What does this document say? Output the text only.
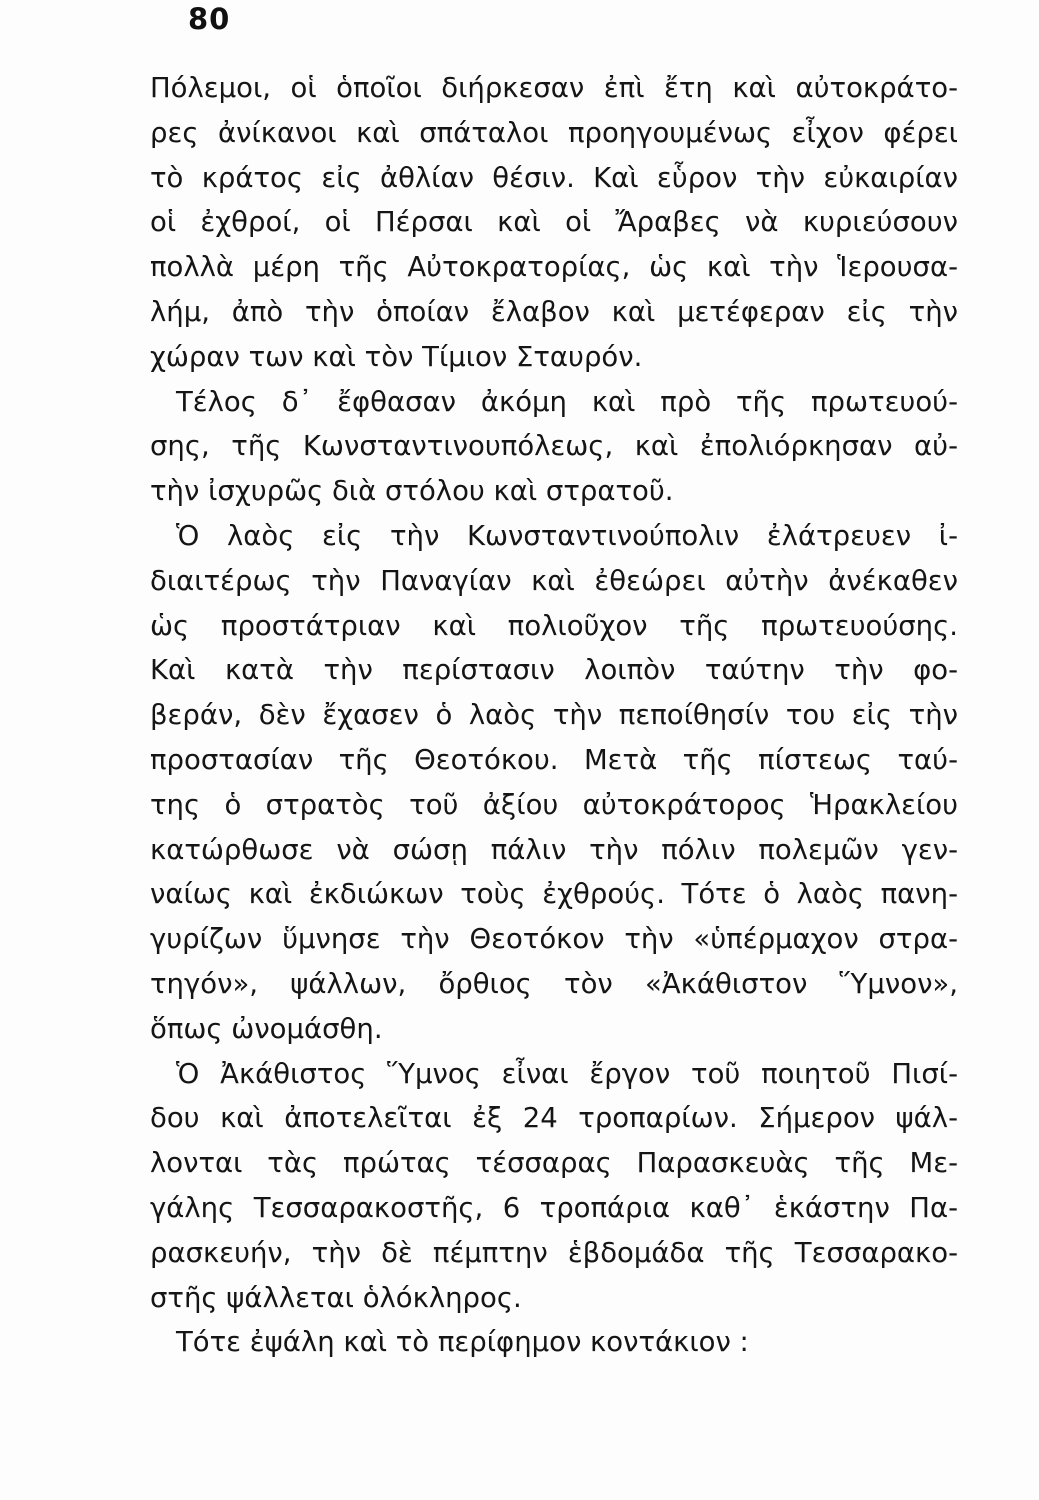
80
Πόλεμοι, οἱ ὁποῖοι διήρκεσαν ἐπὶ ἔτη καὶ αὐτοκράτο-
ρες ἀνίκανοι καὶ σπάταλοι προηγουμένως εἶχον φέρει
τὸ κράτος εἰς ἀθλίαν θέσιν. Καὶ εὗρον τὴν εὐκαιρίαν
οἱ ἐχθροί, οἱ Πέρσαι καὶ οἱ Ἄραβες νὰ κυριεύσουν
πολλὰ μέρη τῆς Αὐτοκρατορίας, ὡς καὶ τὴν Ἱερουσα-
λήμ, ἀπὸ τὴν ὁποίαν ἔλαβον καὶ μετέφεραν εἰς τὴν
χώραν των καὶ τὸν Τίμιον Σταυρόν.
Τέλος δ᾽ ἔφθασαν ἀκόμη καὶ πρὸ τῆς πρωτευού-
σης, τῆς Κωνσταντινουπόλεως, καὶ ἐπολιόρκησαν αὐ-
τὴν ἰσχυρῶς διὰ στόλου καὶ στρατοῦ.
Ὁ λαὸς εἰς τὴν Κωνσταντινούπολιν ἐλάτρευεν ἰ-
διαιτέρως τὴν Παναγίαν καὶ ἐθεώρει αὐτὴν ἀνέκαθεν
ὡς προστάτριαν καὶ πολιοῦχον τῆς πρωτευούσης.
Καὶ κατὰ τὴν περίστασιν λοιπὸν ταύτην τὴν φο-
βεράν, δὲν ἔχασεν ὁ λαὸς τὴν πεποίθησίν του εἰς τὴν
προστασίαν τῆς Θεοτόκου. Μετὰ τῆς πίστεως ταύ-
της ὁ στρατὸς τοῦ ἀξίου αὐτοκράτορος Ἡρακλείου
κατώρθωσε νὰ σώσῃ πάλιν τὴν πόλιν πολεμῶν γεν-
ναίως καὶ ἐκδιώκων τοὺς ἐχθρούς. Τότε ὁ λαὸς πανη-
γυρίζων ὕμνησε τὴν Θεοτόκον τὴν «ὑπέρμαχον στρα-
τηγόν», ψάλλων, ὄρθιος τὸν «Ἀκάθιστον Ὕμνον»,
ὅπως ὠνομάσθη.
Ὁ Ἀκάθιστος Ὕμνος εἶναι ἔργον τοῦ ποιητοῦ Πισί-
δου καὶ ἀποτελεῖται ἐξ 24 τροπαρίων. Σήμερον ψάλ-
λονται τὰς πρώτας τέσσαρας Παρασκευὰς τῆς Με-
γάλης Τεσσαρακοστῆς, 6 τροπάρια καθ᾽ ἑκάστην Πα-
ρασκευήν, τὴν δὲ πέμπτην ἑβδομάδα τῆς Τεσσαρακο-
στῆς ψάλλεται ὁλόκληρος.
Τότε ἐψάλη καὶ τὸ περίφημον κοντάκιον :
